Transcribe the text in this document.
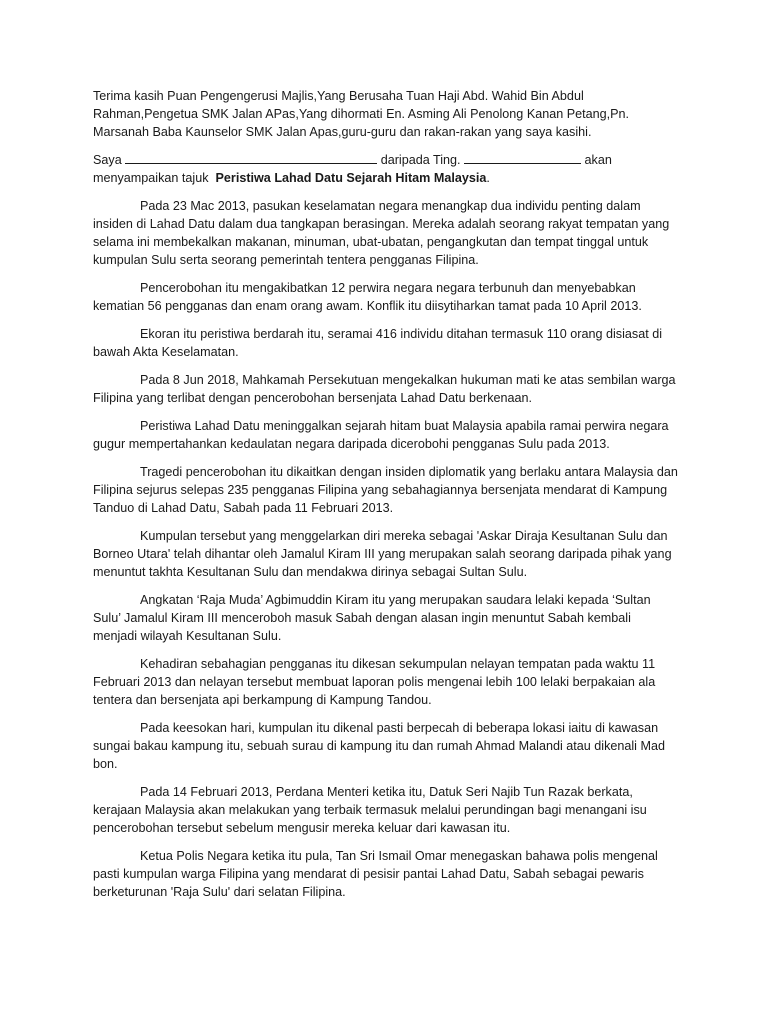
Terima kasih Puan Pengengerusi Majlis,Yang Berusaha Tuan Haji Abd. Wahid Bin Abdul Rahman,Pengetua SMK Jalan APas,Yang dihormati En. Asming Ali Penolong Kanan Petang,Pn. Marsanah Baba Kaunselor SMK Jalan Apas,guru-guru dan rakan-rakan yang saya kasihi.

Saya	daripada Ting.	akan menyampaikan tajuk Peristiwa Lahad Datu Sejarah Hitam Malaysia.

Pada 23 Mac 2013, pasukan keselamatan negara menangkap dua individu penting dalam insiden di Lahad Datu dalam dua tangkapan berasingan. Mereka adalah seorang rakyat tempatan yang selama ini membekalkan makanan, minuman, ubat-ubatan, pengangkutan dan tempat tinggal untuk kumpulan Sulu serta seorang pemerintah tentera pengganas Filipina.

Pencerobohan itu mengakibatkan 12 perwira negara negara terbunuh dan menyebabkan kematian 56 pengganas dan enam orang awam. Konflik itu diisytiharkan tamat pada 10 April 2013.

Ekoran itu peristiwa berdarah itu, seramai 416 individu ditahan termasuk 110 orang disiasat di bawah Akta Keselamatan.

Pada 8 Jun 2018, Mahkamah Persekutuan mengekalkan hukuman mati ke atas sembilan warga Filipina yang terlibat dengan pencerobohan bersenjata Lahad Datu berkenaan.

Peristiwa Lahad Datu meninggalkan sejarah hitam buat Malaysia apabila ramai perwira negara gugur mempertahankan kedaulatan negara daripada dicerobohi pengganas Sulu pada 2013.

Tragedi pencerobohan itu dikaitkan dengan insiden diplomatik yang berlaku antara Malaysia dan Filipina sejurus selepas 235 pengganas Filipina yang sebahagiannya bersenjata mendarat di Kampung Tanduo di Lahad Datu, Sabah pada 11 Februari 2013.

Kumpulan tersebut yang menggelarkan diri mereka sebagai 'Askar Diraja Kesultanan Sulu dan Borneo Utara' telah dihantar oleh Jamalul Kiram III yang merupakan salah seorang daripada pihak yang menuntut takhta Kesultanan Sulu dan mendakwa dirinya sebagai Sultan Sulu.

Angkatan ‘Raja Muda’ Agbimuddin Kiram itu yang merupakan saudara lelaki kepada ‘Sultan Sulu’ Jamalul Kiram III menceroboh masuk Sabah dengan alasan ingin menuntut Sabah kembali menjadi wilayah Kesultanan Sulu.

Kehadiran sebahagian pengganas itu dikesan sekumpulan nelayan tempatan pada waktu 11 Februari 2013 dan nelayan tersebut membuat laporan polis mengenai lebih 100 lelaki berpakaian ala tentera dan bersenjata api berkampung di Kampung Tandou.

Pada keesokan hari, kumpulan itu dikenal pasti berpecah di beberapa lokasi iaitu di kawasan sungai bakau kampung itu, sebuah surau di kampung itu dan rumah Ahmad Malandi atau dikenali Mad bon.

Pada 14 Februari 2013, Perdana Menteri ketika itu, Datuk Seri Najib Tun Razak berkata, kerajaan Malaysia akan melakukan yang terbaik termasuk melalui perundingan bagi menangani isu pencerobohan tersebut sebelum mengusir mereka keluar dari kawasan itu.

Ketua Polis Negara ketika itu pula, Tan Sri Ismail Omar menegaskan bahawa polis mengenal pasti kumpulan warga Filipina yang mendarat di pesisir pantai Lahad Datu, Sabah sebagai pewaris berketurunan 'Raja Sulu' dari selatan Filipina.
